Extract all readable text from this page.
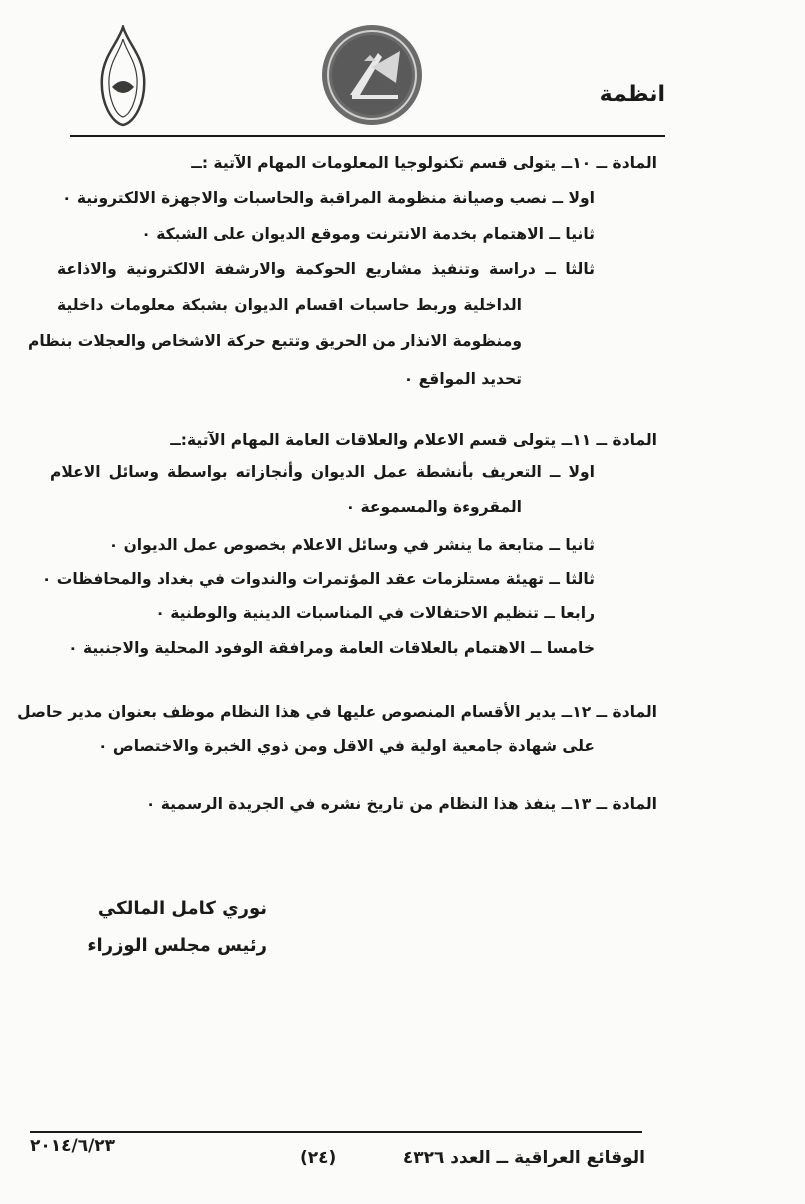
انظمة
المادة ــ ١٠ــ يتولى قسم تكنولوجيا المعلومات المهام الآتية :ــ
اولا ــ نصب وصيانة منظومة المراقبة والحاسبات والاجهزة الالكترونية ٠
ثانيا ــ الاهتمام بخدمة الانترنت وموقع الديوان على الشبكة ٠
ثالثا ــ دراسة وتنفيذ مشاريع الحوكمة والارشفة الالكترونية والاذاعة
الداخلية وربط حاسبات اقسام الديوان بشبكة معلومات داخلية
ومنظومة الانذار من الحريق وتتبع حركة الاشخاص والعجلات بنظام
تحديد المواقع ٠
المادة ــ ١١ــ يتولى قسم الاعلام والعلاقات العامة المهام الآتية:ــ
اولا ــ التعريف بأنشطة عمل الديوان وأنجازاته بواسطة وسائل الاعلام
المقروءة والمسموعة ٠
ثانيا ــ متابعة ما ينشر في وسائل الاعلام بخصوص عمل الديوان ٠
ثالثا ــ تهيئة مستلزمات عقد المؤتمرات والندوات في بغداد والمحافظات ٠
رابعا ــ تنظيم الاحتفالات في المناسبات الدينية والوطنية ٠
خامسا ــ الاهتمام بالعلاقات العامة ومرافقة الوفود المحلية والاجنبية ٠
المادة ــ ١٢ــ يدير الأقسام المنصوص عليها في هذا النظام موظف بعنوان مدير حاصل
على شهادة جامعية اولية في الاقل ومن ذوي الخبرة والاختصاص ٠
المادة ــ ١٣ــ ينفذ هذا النظام من تاريخ نشره في الجريدة الرسمية ٠
نوري كامل المالكي
رئيس مجلس الوزراء
الوقائع العراقية ــ العدد ٤٣٢٦
(٢٤)
٢٠١٤/٦/٢٣
